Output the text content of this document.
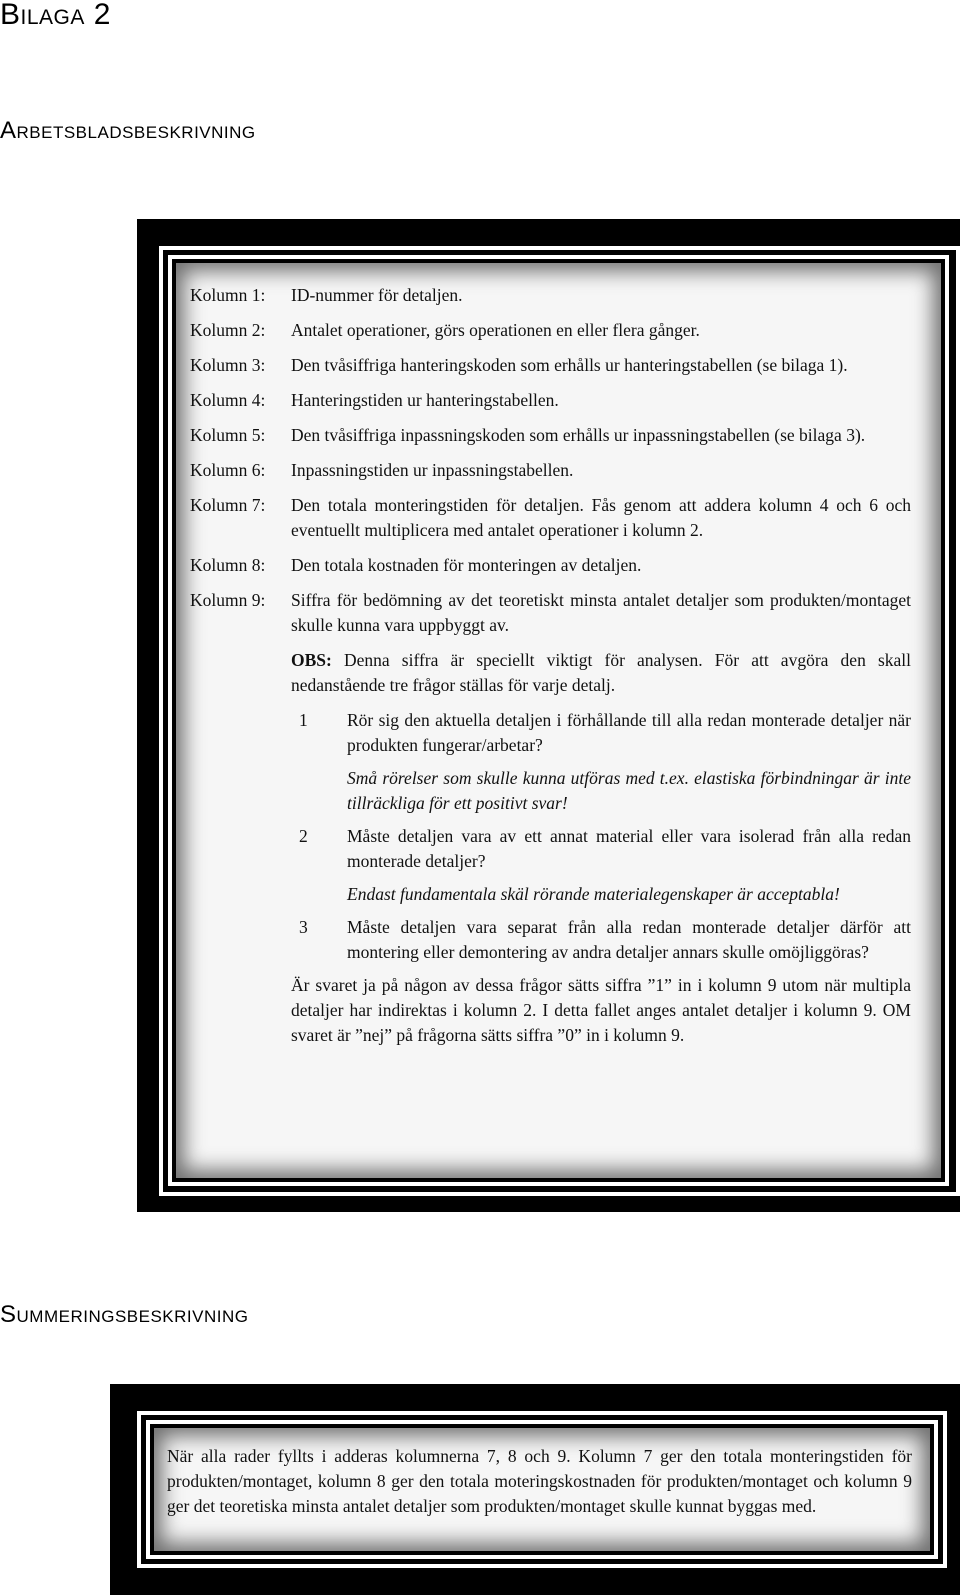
Bilaga 2
Arbetsbladsbeskrivning
Kolumn 1:	ID-nummer för detaljen.
Kolumn 2:	Antalet operationer, görs operationen en eller flera gånger.
Kolumn 3:	Den tvåsiffriga hanteringskoden som erhålls ur hanteringstabellen (se bilaga 1).
Kolumn 4:	Hanteringstiden ur hanteringstabellen.
Kolumn 5:	Den tvåsiffriga inpassningskoden som erhålls ur inpassningstabellen (se bilaga 3).
Kolumn 6:	Inpassningstiden ur inpassningstabellen.
Kolumn 7:	Den totala monteringstiden för detaljen. Fås genom att addera kolumn 4 och 6 och eventuellt multiplicera med antalet operationer i kolumn 2.
Kolumn 8:	Den totala kostnaden för monteringen av detaljen.
Kolumn 9:	Siffra för bedömning av det teoretiskt minsta antalet detaljer som produkten/montaget skulle kunna vara uppbyggt av.

OBS: Denna siffra är speciellt viktigt för analysen. För att avgöra den skall nedanstående tre frågor ställas för varje detalj.

1	Rör sig den aktuella detaljen i förhållande till alla redan monterade detaljer när produkten fungerar/arbetar?

Små rörelser som skulle kunna utföras med t.ex. elastiska förbindningar är inte tillräckliga för ett positivt svar!

2	Måste detaljen vara av ett annat material eller vara isolerad från alla redan monterade detaljer?

Endast fundamentala skäl rörande materialegenskaper är acceptabla!

3	Måste detaljen vara separat från alla redan monterade detaljer därför att montering eller demontering av andra detaljer annars skulle omöjliggöras?

Är svaret ja på någon av dessa frågor sätts siffra ”1” in i kolumn 9 utom när multipla detaljer har indirektas i kolumn 2. I detta fallet anges antalet detaljer i kolumn 9. OM svaret är ”nej” på frågorna sätts siffra ”0” in i kolumn 9.

Summeringsbeskrivning

När alla rader fyllts i adderas kolumnerna 7, 8 och 9. Kolumn 7 ger den totala monteringstiden för produkten/montaget, kolumn 8 ger den totala moteringskostnaden för produkten/montaget och kolumn 9 ger det teoretiska minsta antalet detaljer som produkten/montaget skulle kunnat byggas med.
